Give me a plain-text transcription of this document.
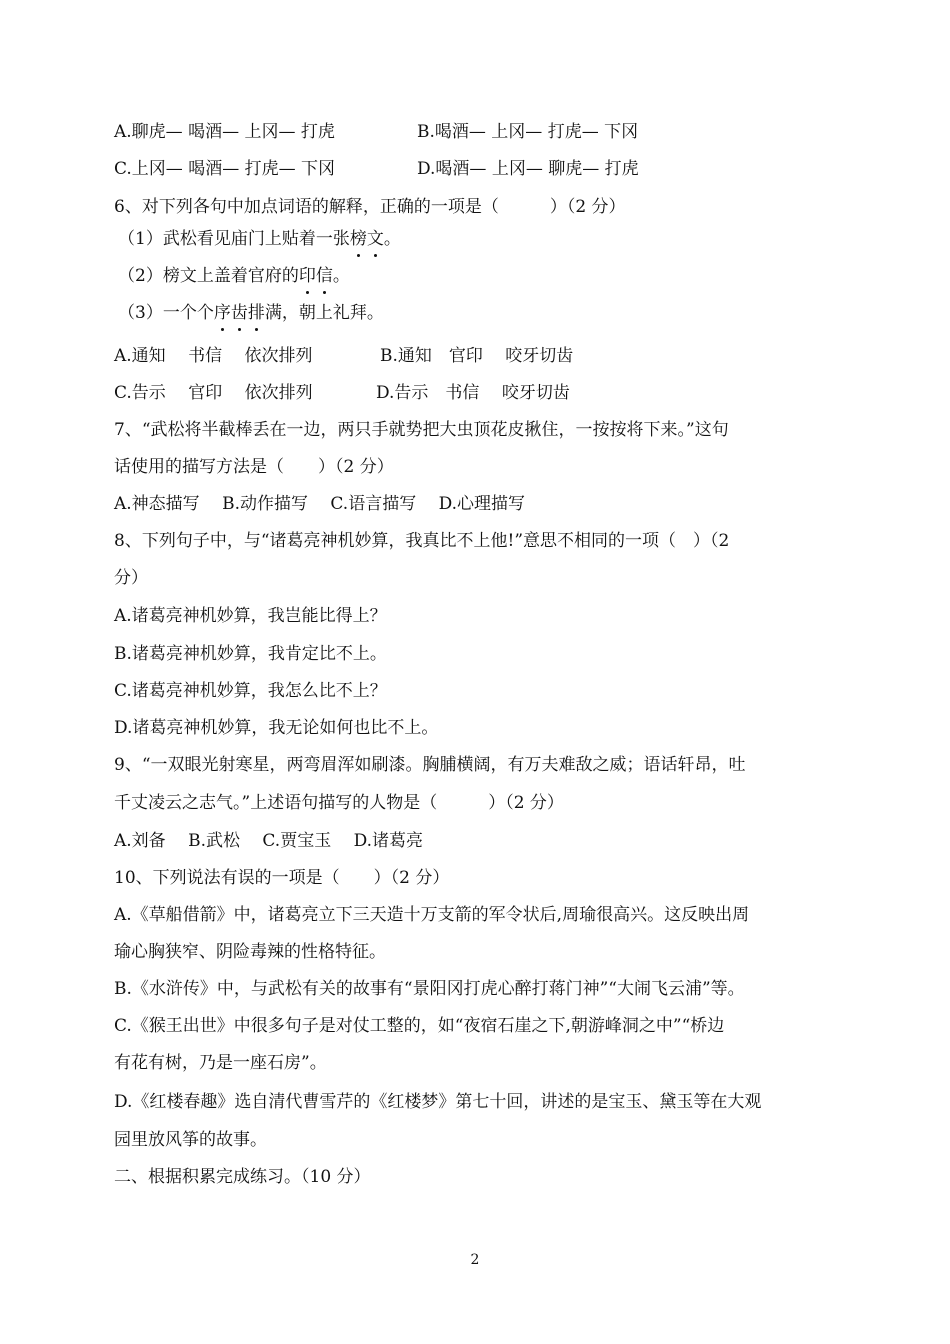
A.聊虎— 喝酒— 上冈— 打虎	B.喝酒— 上冈— 打虎— 下冈
C.上冈— 喝酒— 打虎— 下冈	D.喝酒— 上冈— 聊虎— 打虎
6、对下列各句中加点词语的解释，正确的一项是（　　　）（2 分）
（1）武松看见庙门上贴着一张榜文。
（2）榜文上盖着官府的印信。
（3）一个个序齿排满，朝上礼拜。
A.通知　 书信　 依次排列	B.通知　官印　 咬牙切齿
C.告示　 官印　 依次排列	D.告示　书信　 咬牙切齿
7、“武松将半截棒丢在一边，两只手就势把大虫顶花皮揪住，一按按将下来。”这句
话使用的描写方法是（　　）（2 分）
A.神态描写　 B.动作描写　 C.语言描写　 D.心理描写
8、下列句子中，与“诸葛亮神机妙算，我真比不上他!”意思不相同的一项（　）（2
分）
A.诸葛亮神机妙算，我岂能比得上？
B.诸葛亮神机妙算，我肯定比不上。
C.诸葛亮神机妙算，我怎么比不上？
D.诸葛亮神机妙算，我无论如何也比不上。
9、“一双眼光射寒星，两弯眉浑如刷漆。胸脯横阔，有万夫难敌之威；语话轩昂，吐
千丈凌云之志气。”上述语句描写的人物是（　　　）（2 分）
A.刘备　 B.武松　 C.贾宝玉　 D.诸葛亮
10、下列说法有误的一项是（　　）（2 分）
A.《草船借箭》中，诸葛亮立下三天造十万支箭的军令状后,周瑜很高兴。这反映出周
瑜心胸狭窄、阴险毒辣的性格特征。
B.《水浒传》中，与武松有关的故事有“景阳冈打虎心醉打蒋门神”“大闹飞云浦”等。
C.《猴王出世》中很多句子是对仗工整的，如“夜宿石崖之下,朝游峰洞之中”“桥边
有花有树，乃是一座石房”。
D.《红楼春趣》选自清代曹雪芹的《红楼梦》第七十回，讲述的是宝玉、黛玉等在大观
园里放风筝的故事。
二、根据积累完成练习。（10 分）
2
